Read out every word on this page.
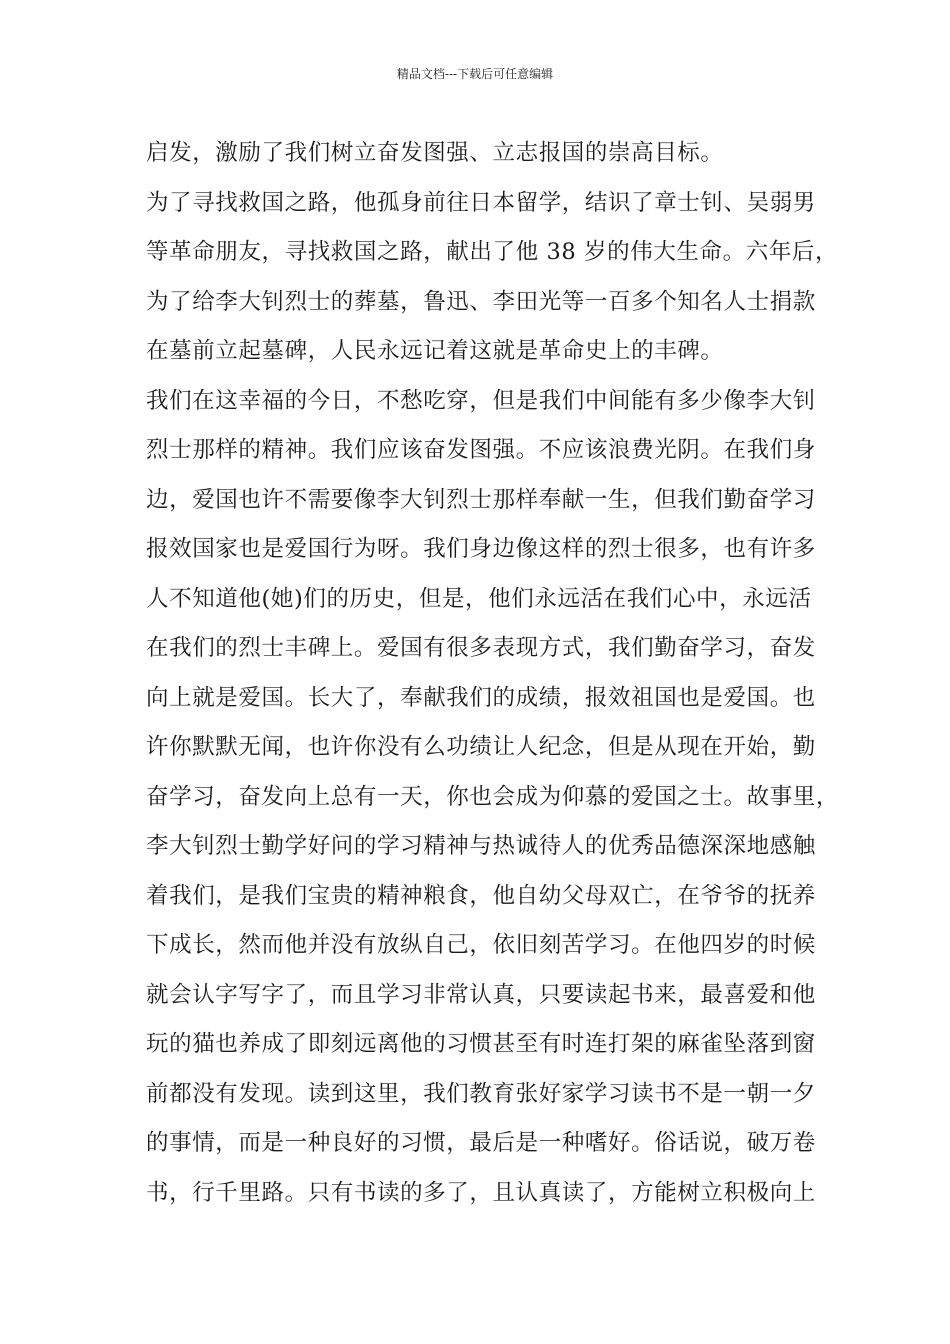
精品文档---下载后可任意编辑
启发，激励了我们树立奋发图强、立志报国的崇高目标。
为了寻找救国之路，他孤身前往日本留学，结识了章士钊、吴弱男
等革命朋友，寻找救国之路，献出了他 38 岁的伟大生命。六年后，
为了给李大钊烈士的葬墓，鲁迅、李田光等一百多个知名人士捐款
在墓前立起墓碑，人民永远记着这就是革命史上的丰碑。
我们在这幸福的今日，不愁吃穿，但是我们中间能有多少像李大钊
烈士那样的精神。我们应该奋发图强。不应该浪费光阴。在我们身
边，爱国也许不需要像李大钊烈士那样奉献一生，但我们勤奋学习
报效国家也是爱国行为呀。我们身边像这样的烈士很多，也有许多
人不知道他(她)们的历史，但是，他们永远活在我们心中，永远活
在我们的烈士丰碑上。爱国有很多表现方式，我们勤奋学习，奋发
向上就是爱国。长大了，奉献我们的成绩，报效祖国也是爱国。也
许你默默无闻，也许你没有么功绩让人纪念，但是从现在开始，勤
奋学习，奋发向上总有一天，你也会成为仰慕的爱国之士。故事里，
李大钊烈士勤学好问的学习精神与热诚待人的优秀品德深深地感触
着我们，是我们宝贵的精神粮食，他自幼父母双亡，在爷爷的抚养
下成长，然而他并没有放纵自己，依旧刻苦学习。在他四岁的时候
就会认字写字了，而且学习非常认真，只要读起书来，最喜爱和他
玩的猫也养成了即刻远离他的习惯甚至有时连打架的麻雀坠落到窗
前都没有发现。读到这里，我们教育张好家学习读书不是一朝一夕
的事情，而是一种良好的习惯，最后是一种嗜好。俗话说，破万卷
书，行千里路。只有书读的多了，且认真读了，方能树立积极向上
